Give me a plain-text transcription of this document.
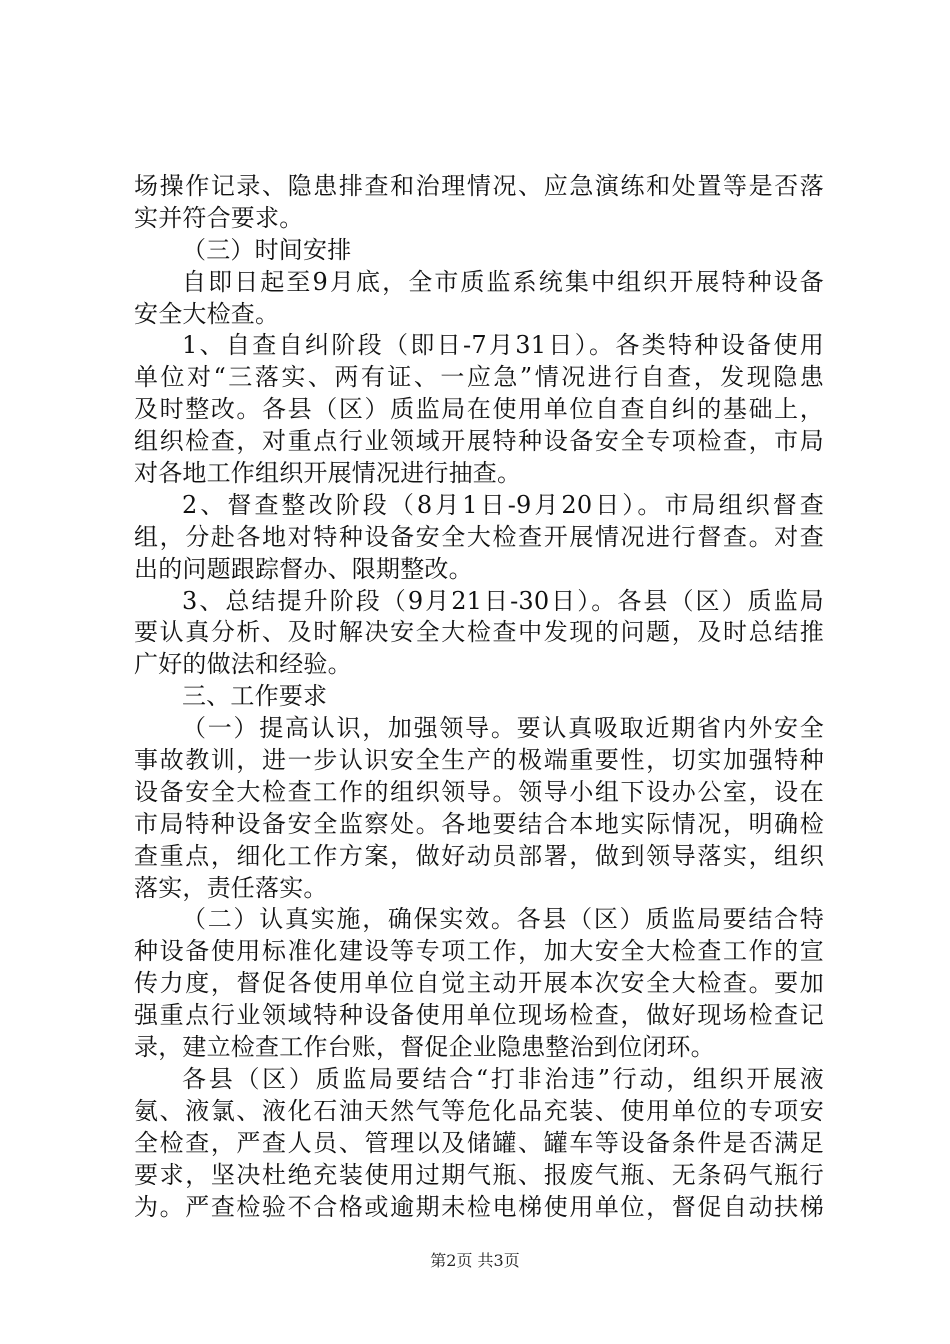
场操作记录、隐患排查和治理情况、应急演练和处置等是否落
实并符合要求。
（三）时间安排
自即日起至9月底，全市质监系统集中组织开展特种设备
安全大检查。
1、自查自纠阶段（即日-7月31日）。各类特种设备使用
单位对“三落实、两有证、一应急”情况进行自查，发现隐患
及时整改。各县（区）质监局在使用单位自查自纠的基础上，
组织检查，对重点行业领域开展特种设备安全专项检查，市局
对各地工作组织开展情况进行抽查。
2、督查整改阶段（8月1日-9月20日）。市局组织督查
组，分赴各地对特种设备安全大检查开展情况进行督查。对查
出的问题跟踪督办、限期整改。
3、总结提升阶段（9月21日-30日）。各县（区）质监局
要认真分析、及时解决安全大检查中发现的问题，及时总结推
广好的做法和经验。
三、工作要求
（一）提高认识，加强领导。要认真吸取近期省内外安全
事故教训，进一步认识安全生产的极端重要性，切实加强特种
设备安全大检查工作的组织领导。领导小组下设办公室，设在
市局特种设备安全监察处。各地要结合本地实际情况，明确检
查重点，细化工作方案，做好动员部署，做到领导落实，组织
落实，责任落实。
（二）认真实施，确保实效。各县（区）质监局要结合特
种设备使用标准化建设等专项工作，加大安全大检查工作的宣
传力度，督促各使用单位自觉主动开展本次安全大检查。要加
强重点行业领域特种设备使用单位现场检查，做好现场检查记
录，建立检查工作台账，督促企业隐患整治到位闭环。
各县（区）质监局要结合“打非治违”行动，组织开展液
氨、液氯、液化石油天然气等危化品充装、使用单位的专项安
全检查，严查人员、管理以及储罐、罐车等设备条件是否满足
要求，坚决杜绝充装使用过期气瓶、报废气瓶、无条码气瓶行
为。严查检验不合格或逾期未检电梯使用单位，督促自动扶梯
第2页 共3页
